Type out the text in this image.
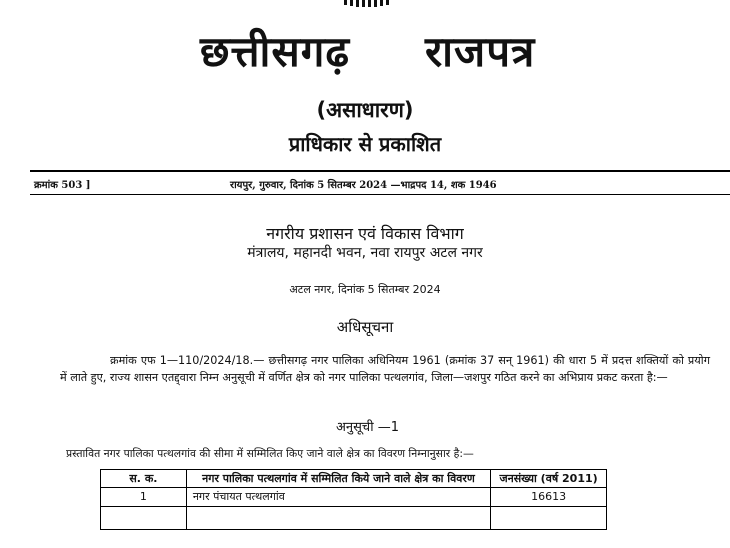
छत्तीसगढ़ राजपत्र
(असाधारण)
प्राधिकार से प्रकाशित
क्रमांक 503 ]	रायपुर, गुरुवार, दिनांक 5 सितम्बर 2024 —भाद्रपद 14, शक 1946
नगरीय प्रशासन एवं विकास विभाग
मंत्रालय, महानदी भवन, नवा रायपुर अटल नगर
अटल नगर, दिनांक 5 सितम्बर 2024
अधिसूचना
क्रमांक एफ 1—110/2024/18.— छत्तीसगढ़ नगर पालिका अधिनियम 1961 (क्रमांक 37 सन् 1961) की धारा 5 में प्रदत्त शक्तियों को प्रयोग में लाते हुए, राज्य शासन एतद्द्वारा निम्न अनुसूची में वर्णित क्षेत्र को नगर पालिका पत्थलगांव, जिला—जशपुर गठित करने का अभिप्राय प्रकट करता है:—
अनुसूची —1
प्रस्तावित नगर पालिका पत्थलगांव की सीमा में सम्मिलित किए जाने वाले क्षेत्र का विवरण निम्नानुसार है:—
स. क.	नगर पालिका पत्थलगांव में सम्मिलित किये जाने वाले क्षेत्र का विवरण	जनसंख्या (वर्ष 2011)
1	नगर पंचायत पत्थलगांव	16613
